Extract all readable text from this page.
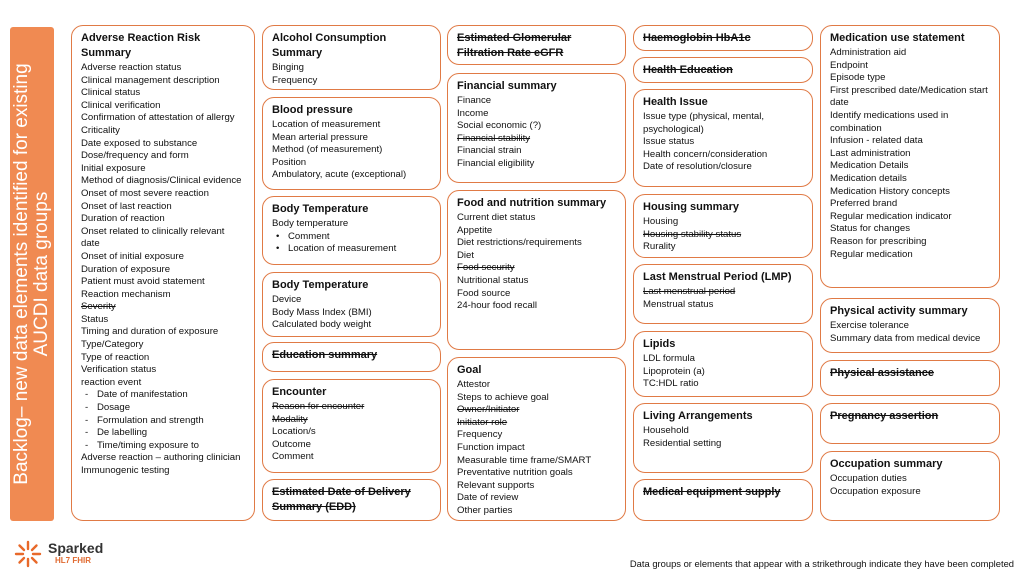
Backlog– new data elements identified for existing AUCDI data groups
Adverse Reaction Risk Summary
Adverse reaction status
Clinical management description
Clinical status
Clinical verification
Confirmation of attestation of allergy
Criticality
Date exposed to substance
Dose/frequency and form
Initial exposure
Method of diagnosis/Clinical evidence
Onset of most severe reaction
Onset of last reaction
Duration of reaction
Onset related to clinically relevant date
Onset of initial exposure
Duration of exposure
Patient must avoid statement
Reaction mechanism
Severity
Status
Timing and duration of exposure
Type/Category
Type of reaction
Verification status
reaction event
- Date of manifestation
- Dosage
- Formulation and strength
- De labelling
- Time/timing exposure to
Adverse reaction – authoring clinician
Immunogenic testing
Alcohol Consumption Summary
Binging
Frequency
Blood pressure
Location of measurement
Mean arterial pressure
Method (of measurement)
Position
Ambulatory, acute (exceptional)
Body Temperature
Body temperature
• Comment
• Location of measurement
Body Temperature
Device
Body Mass Index (BMI)
Calculated body weight
Education summary
Encounter
Reason for encounter
Modality
Location/s
Outcome
Comment
Estimated Date of Delivery Summary (EDD)
Estimated Glomerular Filtration Rate eGFR
Financial summary
Finance
Income
Social economic (?)
Financial stability
Financial strain
Financial eligibility
Food and nutrition summary
Current diet status
Appetite
Diet restrictions/requirements
Diet
Food security
Nutritional status
Food source
24-hour food recall
Goal
Attestor
Steps to achieve goal
Owner/Initiator
Initiator role
Frequency
Function impact
Measurable time frame/SMART
Preventative nutrition goals
Relevant supports
Date of review
Other parties
Haemoglobin HbA1c
Health Education
Health Issue
Issue type (physical, mental, psychological)
Issue status
Health concern/consideration
Date of resolution/closure
Housing summary
Housing
Housing stability status
Rurality
Last Menstrual Period (LMP)
Last menstrual period
Menstrual status
Lipids
LDL formula
Lipoprotein (a)
TC:HDL ratio
Living Arrangements
Household
Residential setting
Medical equipment supply
Medication use statement
Administration aid
Endpoint
Episode type
First prescribed date/Medication start date
Identify medications used in combination
Infusion - related data
Last administration
Medication Details
Medication details
Medication History concepts
Preferred brand
Regular medication indicator
Status for changes
Reason for prescribing
Regular medication
Physical activity summary
Exercise tolerance
Summary data from medical device
Physical assistance
Pregnancy assertion
Occupation summary
Occupation duties
Occupation exposure
Sparked
HL7 FHIR	Data groups or elements that appear with a strikethrough indicate they have been completed
